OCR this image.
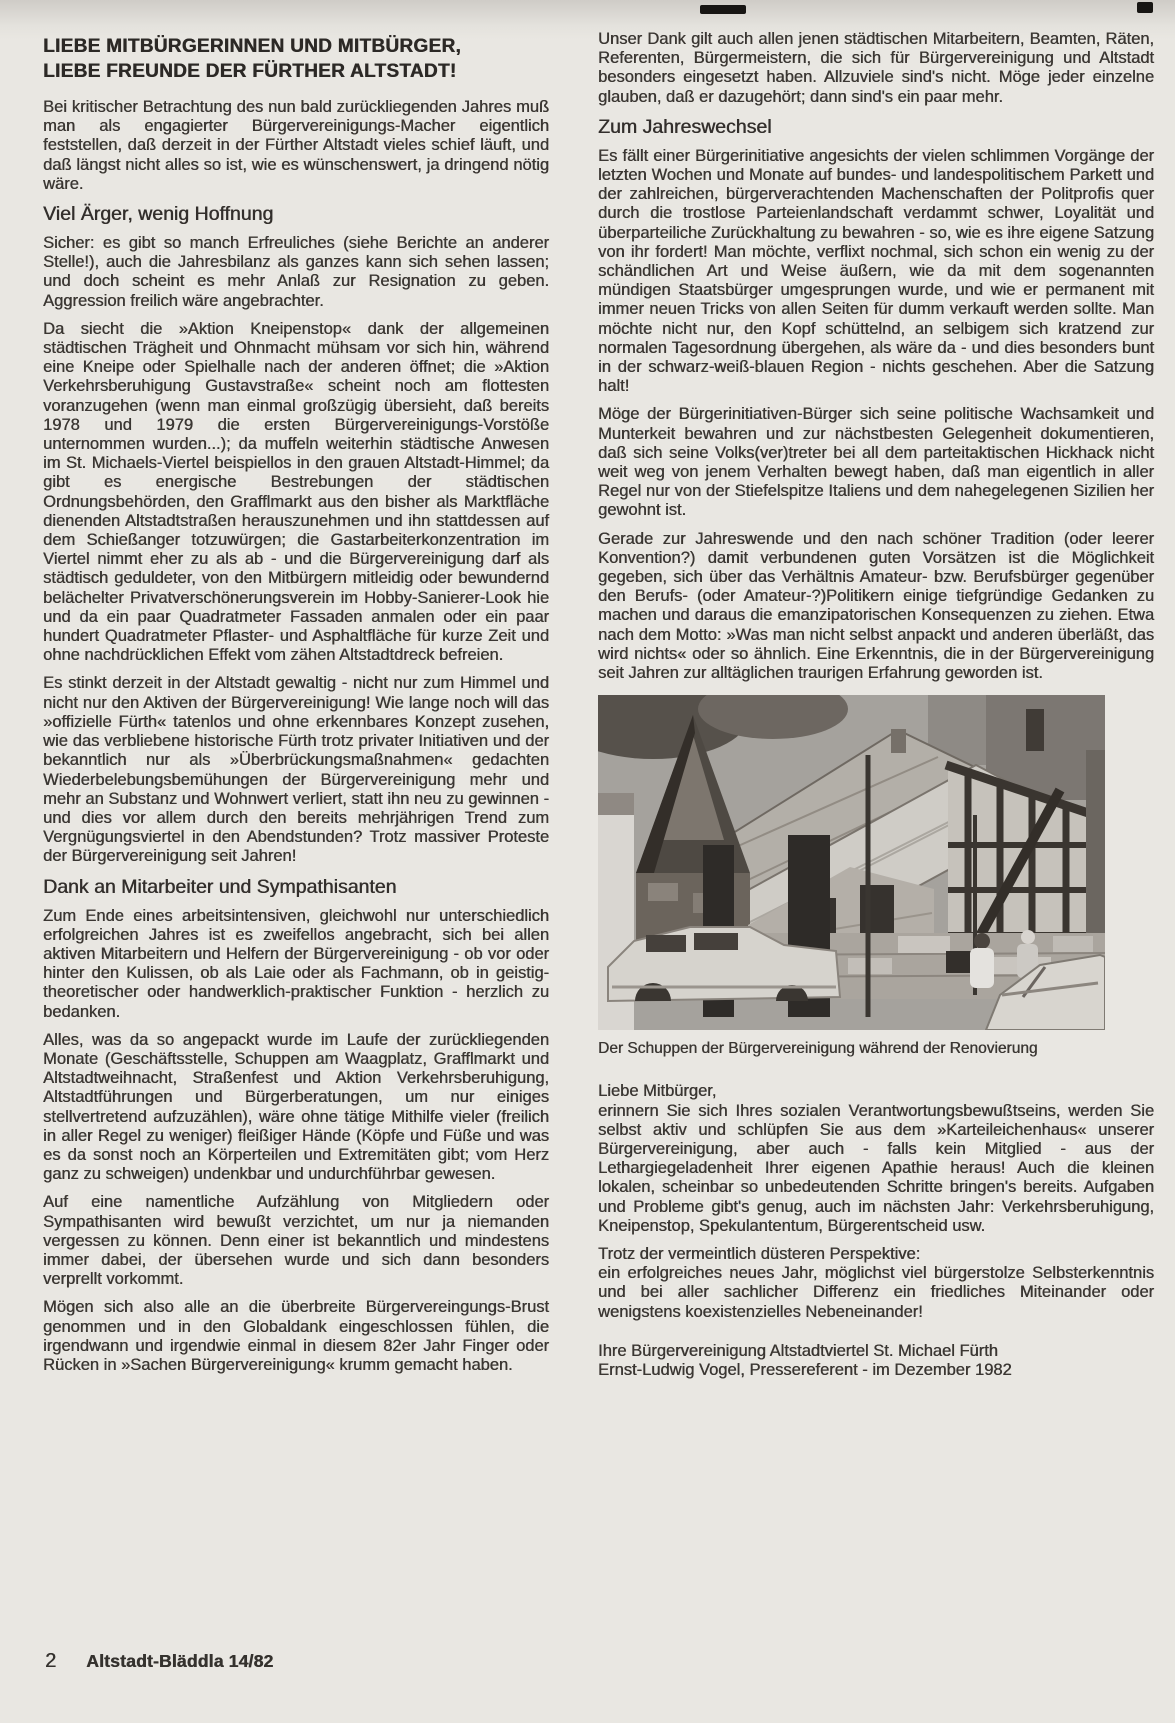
LIEBE MITBÜRGERINNEN UND MITBÜRGER,
LIEBE FREUNDE DER FÜRTHER ALTSTADT!

Bei kritischer Betrachtung des nun bald zurückliegenden Jahres muß man als engagierter Bürgervereinigungs-Macher eigentlich feststellen, daß derzeit in der Fürther Altstadt vieles schief läuft, und daß längst nicht alles so ist, wie es wünschenswert, ja dringend nötig wäre.

Viel Ärger, wenig Hoffnung

Sicher: es gibt so manch Erfreuliches (siehe Berichte an anderer Stelle!), auch die Jahresbilanz als ganzes kann sich sehen lassen; und doch scheint es mehr Anlaß zur Resignation zu geben. Aggression freilich wäre angebrachter.

Da siecht die »Aktion Kneipenstop« dank der allgemeinen städtischen Trägheit und Ohnmacht mühsam vor sich hin, während eine Kneipe oder Spielhalle nach der anderen öffnet; die »Aktion Verkehrsberuhigung Gustavstraße« scheint noch am flottesten voranzugehen (wenn man einmal großzügig übersieht, daß bereits 1978 und 1979 die ersten Bürgervereinigungs-Vorstöße unternommen wurden...); da muffeln weiterhin städtische Anwesen im St. Michaels-Viertel beispiellos in den grauen Altstadt-Himmel; da gibt es energische Bestrebungen der städtischen Ordnungsbehörden, den Grafflmarkt aus den bisher als Marktfläche dienenden Altstadtstraßen herauszunehmen und ihn stattdessen auf dem Schießanger totzuwürgen; die Gastarbeiterkonzentration im Viertel nimmt eher zu als ab - und die Bürgervereinigung darf als städtisch geduldeter, von den Mitbürgern mitleidig oder bewundernd belächelter Privatverschönerungsverein im Hobby-Sanierer-Look hie und da ein paar Quadratmeter Fassaden anmalen oder ein paar hundert Quadratmeter Pflaster- und Asphaltfläche für kurze Zeit und ohne nachdrücklichen Effekt vom zähen Altstadtdreck befreien.

Es stinkt derzeit in der Altstadt gewaltig - nicht nur zum Himmel und nicht nur den Aktiven der Bürgervereinigung! Wie lange noch will das »offizielle Fürth« tatenlos und ohne erkennbares Konzept zusehen, wie das verbliebene historische Fürth trotz privater Initiativen und der bekanntlich nur als »Überbrückungsmaßnahmen« gedachten Wiederbelebungsbemühungen der Bürgervereinigung mehr und mehr an Substanz und Wohnwert verliert, statt ihn neu zu gewinnen - und dies vor allem durch den bereits mehrjährigen Trend zum Vergnügungsviertel in den Abendstunden? Trotz massiver Proteste der Bürgervereinigung seit Jahren!

Dank an Mitarbeiter und Sympathisanten

Zum Ende eines arbeitsintensiven, gleichwohl nur unterschiedlich erfolgreichen Jahres ist es zweifellos angebracht, sich bei allen aktiven Mitarbeitern und Helfern der Bürgervereinigung - ob vor oder hinter den Kulissen, ob als Laie oder als Fachmann, ob in geistig-theoretischer oder handwerklich-praktischer Funktion - herzlich zu bedanken.

Alles, was da so angepackt wurde im Laufe der zurückliegenden Monate (Geschäftsstelle, Schuppen am Waagplatz, Grafflmarkt und Altstadtweihnacht, Straßenfest und Aktion Verkehrsberuhigung, Altstadtführungen und Bürgerberatungen, um nur einiges stellvertretend aufzuzählen), wäre ohne tätige Mithilfe vieler (freilich in aller Regel zu weniger) fleißiger Hände (Köpfe und Füße und was es da sonst noch an Körperteilen und Extremitäten gibt; vom Herz ganz zu schweigen) undenkbar und undurchführbar gewesen.

Auf eine namentliche Aufzählung von Mitgliedern oder Sympathisanten wird bewußt verzichtet, um nur ja niemanden vergessen zu können. Denn einer ist bekanntlich und mindestens immer dabei, der übersehen wurde und sich dann besonders verprellt vorkommt.

Mögen sich also alle an die überbreite Bürgervereingungs-Brust genommen und in den Globaldank eingeschlossen fühlen, die irgendwann und irgendwie einmal in diesem 82er Jahr Finger oder Rücken in »Sachen Bürgervereinigung« krumm gemacht haben.

Unser Dank gilt auch allen jenen städtischen Mitarbeitern, Beamten, Räten, Referenten, Bürgermeistern, die sich für Bürgervereinigung und Altstadt besonders eingesetzt haben. Allzuviele sind's nicht. Möge jeder einzelne glauben, daß er dazugehört; dann sind's ein paar mehr.

Zum Jahreswechsel

Es fällt einer Bürgerinitiative angesichts der vielen schlimmen Vorgänge der letzten Wochen und Monate auf bundes- und landespolitischem Parkett und der zahlreichen, bürgerverachtenden Machenschaften der Politprofis quer durch die trostlose Parteienlandschaft verdammt schwer, Loyalität und überparteiliche Zurückhaltung zu bewahren - so, wie es ihre eigene Satzung von ihr fordert! Man möchte, verflixt nochmal, sich schon ein wenig zu der schändlichen Art und Weise äußern, wie da mit dem sogenannten mündigen Staatsbürger umgesprungen wurde, und wie er permanent mit immer neuen Tricks von allen Seiten für dumm verkauft werden sollte. Man möchte nicht nur, den Kopf schüttelnd, an selbigem sich kratzend zur normalen Tagesordnung übergehen, als wäre da - und dies besonders bunt in der schwarz-weiß-blauen Region - nichts geschehen. Aber die Satzung halt!

Möge der Bürgerinitiativen-Bürger sich seine politische Wachsamkeit und Munterkeit bewahren und zur nächstbesten Gelegenheit dokumentieren, daß sich seine Volks(ver)treter bei all dem parteitaktischen Hickhack nicht weit weg von jenem Verhalten bewegt haben, daß man eigentlich in aller Regel nur von der Stiefelspitze Italiens und dem nahegelegenen Sizilien her gewohnt ist.

Gerade zur Jahreswende und den nach schöner Tradition (oder leerer Konvention?) damit verbundenen guten Vorsätzen ist die Möglichkeit gegeben, sich über das Verhältnis Amateur- bzw. Berufsbürger gegenüber den Berufs- (oder Amateur-?)Politikern einige tiefgründige Gedanken zu machen und daraus die emanzipatorischen Konsequenzen zu ziehen. Etwa nach dem Motto: »Was man nicht selbst anpackt und anderen überläßt, das wird nichts« oder so ähnlich. Eine Erkenntnis, die in der Bürgervereinigung seit Jahren zur alltäglichen traurigen Erfahrung geworden ist.

Der Schuppen der Bürgervereinigung während der Renovierung

Liebe Mitbürger,

erinnern Sie sich Ihres sozialen Verantwortungsbewußtseins, werden Sie selbst aktiv und schlüpfen Sie aus dem »Karteileichenhaus« unserer Bürgervereinigung, aber auch - falls kein Mitglied - aus der Lethargiegeladenheit Ihrer eigenen Apathie heraus! Auch die kleinen lokalen, scheinbar so unbedeutenden Schritte bringen's bereits. Aufgaben und Probleme gibt's genug, auch im nächsten Jahr: Verkehrsberuhigung, Kneipenstop, Spekulantentum, Bürgerentscheid usw.

Trotz der vermeintlich düsteren Perspektive:

ein erfolgreiches neues Jahr, möglichst viel bürgerstolze Selbsterkenntnis und bei aller sachlicher Differenz ein friedliches Miteinander oder wenigstens koexistenzielles Nebeneinander!

Ihre Bürgervereinigung Altstadtviertel St. Michael Fürth
Ernst-Ludwig Vogel, Pressereferent - im Dezember 1982

2 Altstadt-Bläddla 14/82
